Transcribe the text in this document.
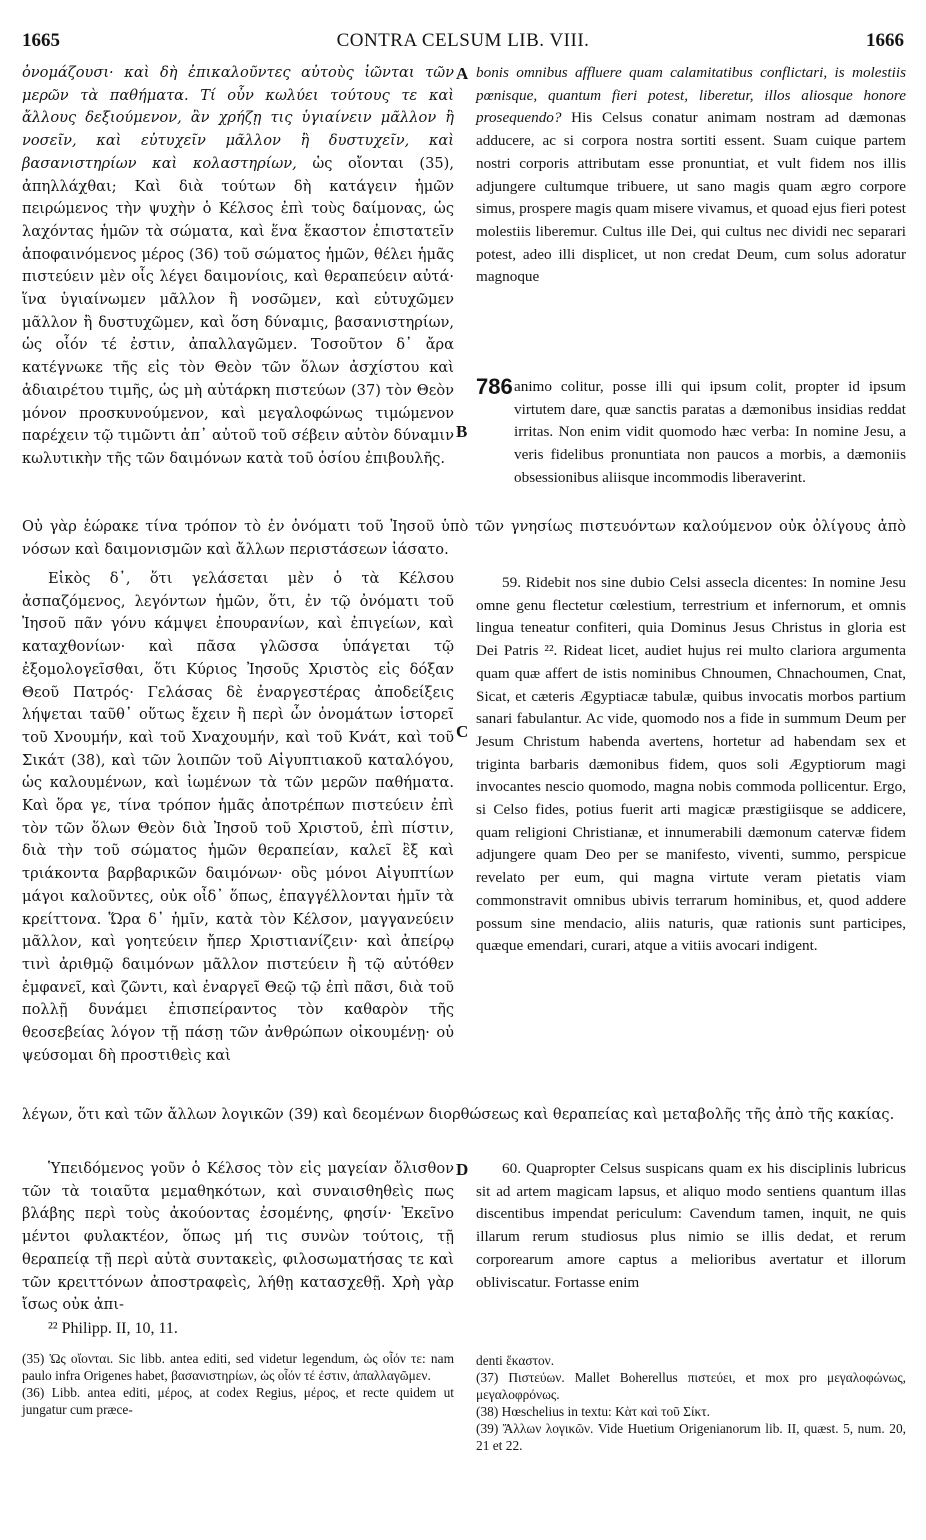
1665	CONTRA CELSUM LIB. VIII.	1666

ὀνομάζουσι· καὶ δὴ ἐπικαλοῦντες αὐτοὺς ἰῶνται τῶν μερῶν τὰ παθήματα. Τί οὖν κωλύει τούτους τε καὶ ἄλλους δεξιούμενον, ἂν χρήζῃ τις ὑγιαίνειν μᾶλλον ἢ νοσεῖν, καὶ εὐτυχεῖν μᾶλλον ἢ δυστυχεῖν, καὶ βασανιστηρίων καὶ κολαστηρίων, ὡς οἴονται (35), ἀπηλλάχθαι; Καὶ διὰ τούτων δὴ κατάγειν ἡμῶν πειρώμενος τὴν ψυχὴν ὁ Κέλσος ἐπὶ τοὺς δαίμονας, ὡς λαχόντας ἡμῶν τὰ σώματα, καὶ ἕνα ἕκαστον ἐπιστατεῖν ἀποφαινόμενος μέρος (36) τοῦ σώματος ἡμῶν, θέλει ἡμᾶς πιστεύειν μὲν οἷς λέγει δαιμονίοις, καὶ θεραπεύειν αὐτά· ἵνα ὑγιαίνωμεν μᾶλλον ἢ νοσῶμεν, καὶ εὐτυχῶμεν μᾶλλον ἢ δυστυχῶμεν, καὶ ὅση δύναμις, βασανιστηρίων, ὡς οἷόν τέ ἐστιν, ἀπαλλαγῶμεν. Τοσοῦτον δ᾽ ἄρα κατέγνωκε τῆς εἰς τὸν Θεὸν τῶν ὅλων ἀσχίστου καὶ ἀδιαιρέτου τιμῆς, ὡς μὴ αὐτάρκη πιστεύων (37) τὸν Θεὸν μόνον προσκυνούμενον, καὶ μεγαλοφώνως τιμώμενον παρέχειν τῷ τιμῶντι ἀπ᾽ αὐτοῦ τοῦ σέβειν αὐτὸν δύναμιν κωλυτικὴν τῆς τῶν δαιμόνων κατὰ τοῦ ὁσίου ἐπιβουλῆς.

bonis omnibus affluere quam calamitatibus conflictari, is molestiis pœnisque, quantum fieri potest, liberetur, illos aliosque honore prosequendo? His Celsus conatur animam nostram ad dæmonas adducere, ac si corpora nostra sortiti essent. Suam cuique partem nostri corporis attributam esse pronuntiat, et vult fidem nos illis adjungere cultumque tribuere, ut sano magis quam ægro corpore simus, prospere magis quam misere vivamus, et quoad ejus fieri potest molestiis liberemur. Cultus ille Dei, qui cultus nec dividi nec separari potest, adeo illi displicet, ut non credat Deum, cum solus adoratur magnoque

A
B
C
D
786 animo colitur, posse illi qui ipsum colit, propter id ipsum virtutem dare, quæ sanctis paratas a dæmonibus insidias reddat irritas. Non enim vidit quomodo hæc verba: In nomine Jesu, a veris fidelibus pronuntiata non paucos a morbis, a dæmoniis obsessionibus aliisque incommodis liberaverint.

Οὐ γὰρ ἑώρακε τίνα τρόπον τὸ ἐν ὀνόματι τοῦ Ἰησοῦ ὑπὸ τῶν γνησίως πιστευόντων καλούμενον οὐκ ὀλίγους ἀπὸ νόσων καὶ δαιμονισμῶν καὶ ἄλλων περιστάσεων ἰάσατο.

Εἰκὸς δ᾽, ὅτι γελάσεται μὲν ὁ τὰ Κέλσου ἀσπαζόμενος, λεγόντων ἡμῶν, ὅτι, ἐν τῷ ὀνόματι τοῦ Ἰησοῦ πᾶν γόνυ κάμψει ἐπουρανίων, καὶ ἐπιγείων, καὶ καταχθονίων· καὶ πᾶσα γλῶσσα ὑπάγεται τῷ ἐξομολογεῖσθαι, ὅτι Κύριος Ἰησοῦς Χριστὸς εἰς δόξαν Θεοῦ Πατρός· Γελάσας δὲ ἐναργεστέρας ἀποδείξεις λήψεται ταῦθ᾽ οὕτως ἔχειν ἢ περὶ ὧν ὀνομάτων ἱστορεῖ τοῦ Χνουμήν, καὶ τοῦ Χναχουμήν, καὶ τοῦ Κνάτ, καὶ τοῦ Σικάτ (38), καὶ τῶν λοιπῶν τοῦ Αἰγυπτιακοῦ καταλόγου, ὡς καλουμένων, καὶ ἰωμένων τὰ τῶν μερῶν παθήματα. Καὶ ὅρα γε, τίνα τρόπον ἡμᾶς ἀποτρέπων πιστεύειν ἐπὶ τὸν τῶν ὅλων Θεὸν διὰ Ἰησοῦ τοῦ Χριστοῦ, ἐπὶ πίστιν, διὰ τὴν τοῦ σώματος ἡμῶν θεραπείαν, καλεῖ ἓξ καὶ τριάκοντα βαρβαρικῶν δαιμόνων· οὓς μόνοι Αἰγυπτίων μάγοι καλοῦντες, οὐκ οἶδ᾽ ὅπως, ἐπαγγέλλονται ἡμῖν τὰ κρείττονα. Ὥρα δ᾽ ἡμῖν, κατὰ τὸν Κέλσον, μαγγανεύειν μᾶλλον, καὶ γοητεύειν ἤπερ Χριστιανίζειν· καὶ ἀπείρῳ τινὶ ἀριθμῷ δαιμόνων μᾶλλον πιστεύειν ἢ τῷ αὐτόθεν ἐμφανεῖ, καὶ ζῶντι, καὶ ἐναργεῖ Θεῷ τῷ ἐπὶ πᾶσι, διὰ τοῦ πολλῇ δυνάμει ἐπισπείραντος τὸν καθαρὸν τῆς θεοσεβείας λόγον τῇ πάσῃ τῶν ἀνθρώπων οἰκουμένῃ· οὐ ψεύσομαι δὴ προστιθεὶς καὶ

59. Ridebit nos sine dubio Celsi assecla dicentes: In nomine Jesu omne genu flectetur cœlestium, terrestrium et infernorum, et omnis lingua teneatur confiteri, quia Dominus Jesus Christus in gloria est Dei Patris ²². Rideat licet, audiet hujus rei multo clariora argumenta quam quæ affert de istis nominibus Chnoumen, Chnachoumen, Cnat, Sicat, et cæteris Ægyptiacæ tabulæ, quibus invocatis morbos partium sanari fabulantur. Ac vide, quomodo nos a fide in summum Deum per Jesum Christum habenda avertens, hortetur ad habendam sex et triginta barbaris dæmonibus fidem, quos soli Ægyptiorum magi invocantes nescio quomodo, magna nobis commoda pollicentur. Ergo, si Celso fides, potius fuerit arti magicæ præstigiisque se addicere, quam religioni Christianæ, et innumerabili dæmonum catervæ fidem adjungere quam Deo per se manifesto, viventi, summo, perspicue revelato per eum, qui magna virtute veram pietatis viam commonstravit omnibus ubivis terrarum hominibus, et, quod addere possum sine mendacio, aliis naturis, quæ rationis sunt participes, quæque emendari, curari, atque a vitiis avocari indigent.

λέγων, ὅτι καὶ τῶν ἄλλων λογικῶν (39) καὶ δεομένων διορθώσεως καὶ θεραπείας καὶ μεταβολῆς τῆς ἀπὸ τῆς κακίας.

Ὑπειδόμενος γοῦν ὁ Κέλσος τὸν εἰς μαγείαν ὄλισθον τῶν τὰ τοιαῦτα μεμαθηκότων, καὶ συναισθηθεὶς πως βλάβης περὶ τοὺς ἀκούοντας ἐσομένης, φησίν· Ἐκεῖνο μέντοι φυλακτέον, ὅπως μή τις συνὼν τούτοις, τῇ θεραπείᾳ τῇ περὶ αὐτὰ συντακεὶς, φιλοσωματήσας τε καὶ τῶν κρειττόνων ἀποστραφεὶς, λήθῃ κατασχεθῇ. Χρὴ γὰρ ἴσως οὐκ ἀπι-

60. Quapropter Celsus suspicans quam ex his disciplinis lubricus sit ad artem magicam lapsus, et aliquo modo sentiens quantum illas discentibus impendat periculum: Cavendum tamen, inquit, ne quis illarum rerum studiosus plus nimio se illis dedat, et rerum corporearum amore captus a melioribus avertatur et illorum obliviscatur. Fortasse enim

²² Philipp. II, 10, 11.

(35) Ὡς οἴονται. Sic libb. antea editi, sed videtur legendum, ὡς οἷόν τε: nam paulo infra Origenes habet, βασανιστηρίων, ὡς οἷόν τέ ἐστιν, ἀπαλλαγῶμεν.

(36) Libb. antea editi, μέρος, at codex Regius, μέρος, et recte quidem ut jungatur cum præce-

denti ἕκαστον.

(37) Πιστεύων. Mallet Boherellus πιστεύει, et mox pro μεγαλοφώνως, μεγαλοφρόνως.

(38) Hœschelius in textu: Κὰτ καὶ τοῦ Σίκτ.

(39) Ἄλλων λογικῶν. Vide Huetium Origenianorum lib. II, quæst. 5, num. 20, 21 et 22.
